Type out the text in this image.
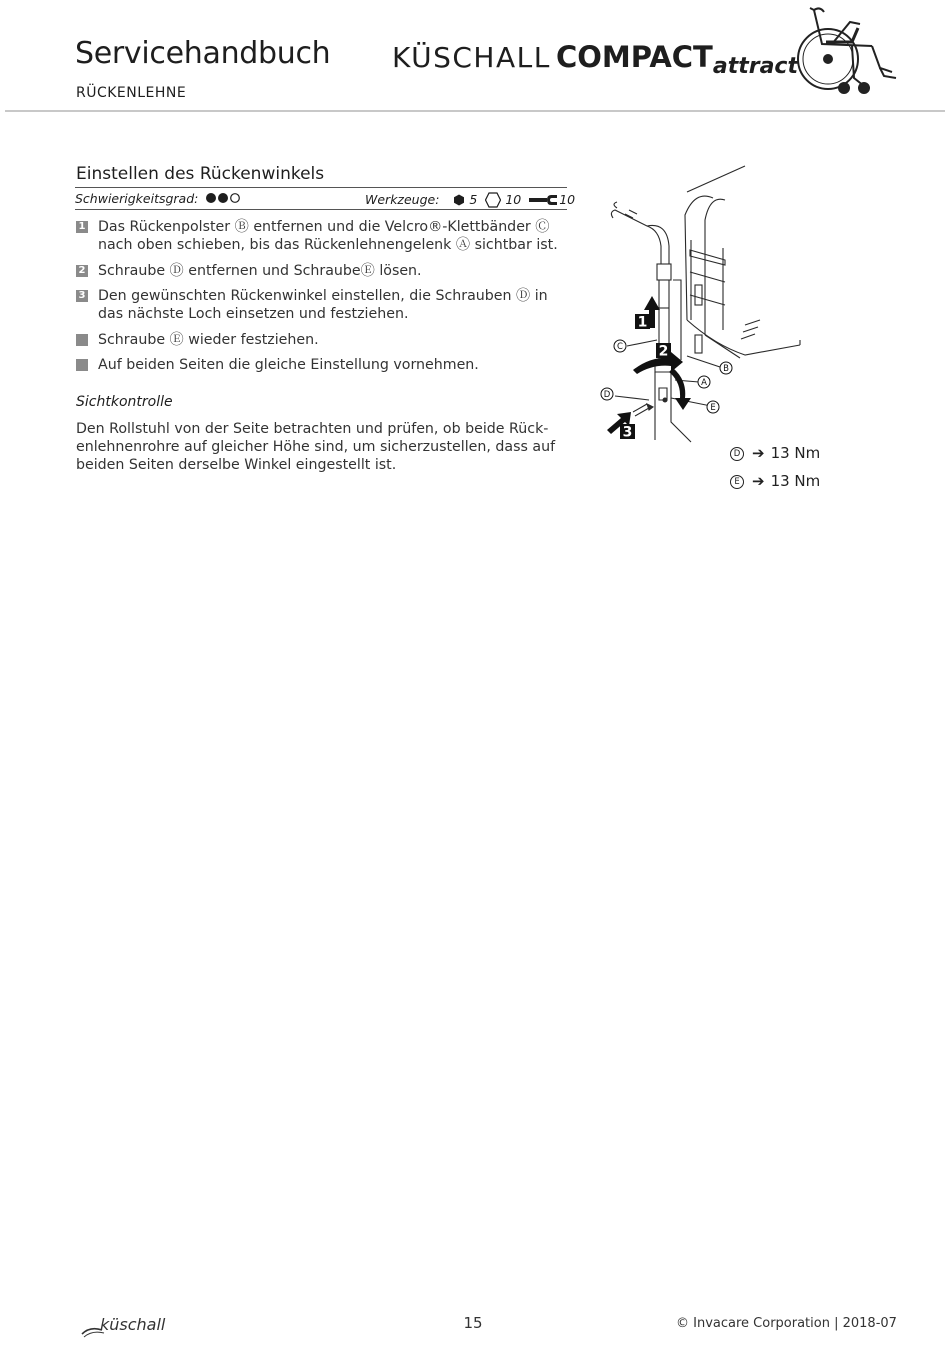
Servicehandbuch
RÜCKENLEHNE
KÜSCHALL COMPACTattract
Einstellen des Rückenwinkels
Schwierigkeitsgrad:	Werkzeuge: 5 10	10
1 Das Rückenpolster Ⓑ entfernen und die Velcro®-Klettbänder Ⓒ nach oben schieben, bis das Rückenlehnengelenk Ⓐ sichtbar ist.
2 Schraube Ⓓ entfernen und SchraubeⒺ lösen.
3 Den gewünschten Rückenwinkel einstellen, die Schrauben Ⓓ in das nächste Loch einsetzen und festziehen.
Schraube Ⓔ wieder festziehen.
Auf beiden Seiten die gleiche Einstellung vornehmen.
Sichtkontrolle
Den Rollstuhl von der Seite betrachten und prüfen, ob beide Rück-enlehnenrohre auf gleicher Höhe sind, um sicherzustellen, dass auf beiden Seiten derselbe Winkel eingestellt ist.
1
2
3
C
D
A
B
E
D ➔ 13 Nm
E ➔ 13 Nm
küschall	15	© Invacare Corporation | 2018-07
